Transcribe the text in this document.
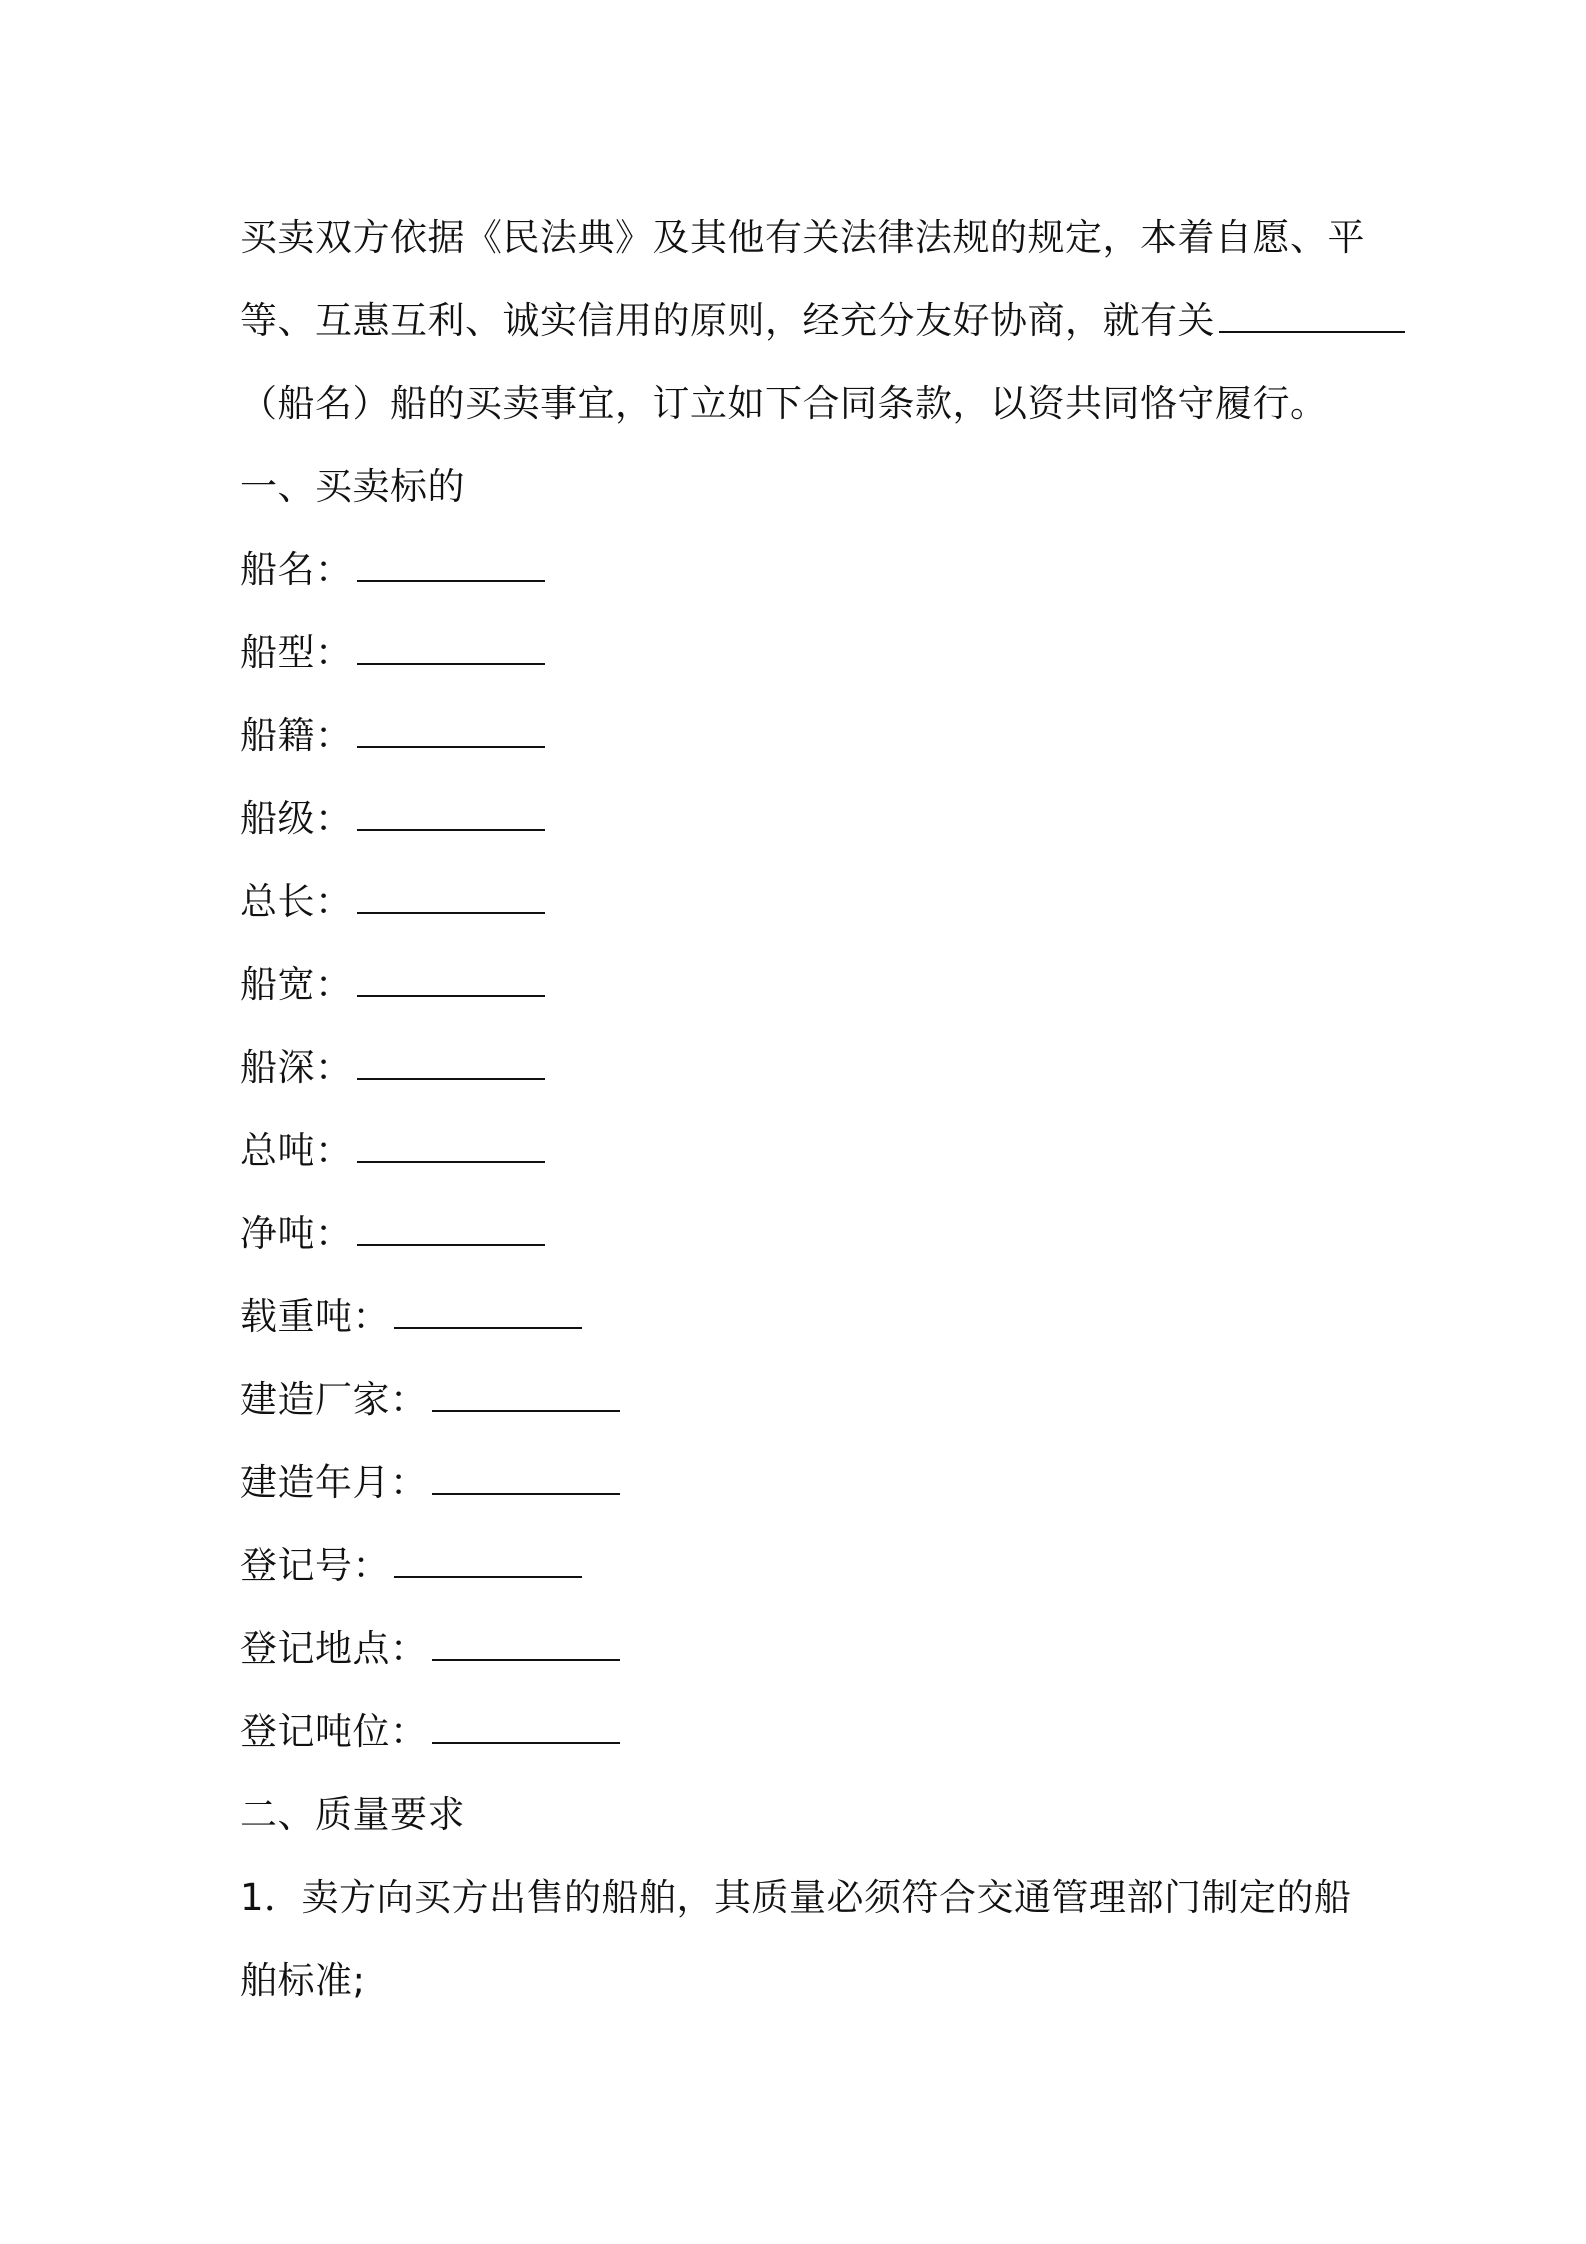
买卖双方依据《民法典》及其他有关法律法规的规定，本着自愿、平
等、互惠互利、诚实信用的原则，经充分友好协商，就有关
（船名）船的买卖事宜，订立如下合同条款，以资共同恪守履行。
一、买卖标的
船名：
船型：
船籍：
船级：
总长：
船宽：
船深：
总吨：
净吨：
载重吨：
建造厂家：
建造年月：
登记号：
登记地点：
登记吨位：
二、质量要求
1．卖方向买方出售的船舶，其质量必须符合交通管理部门制定的船
舶标准;
